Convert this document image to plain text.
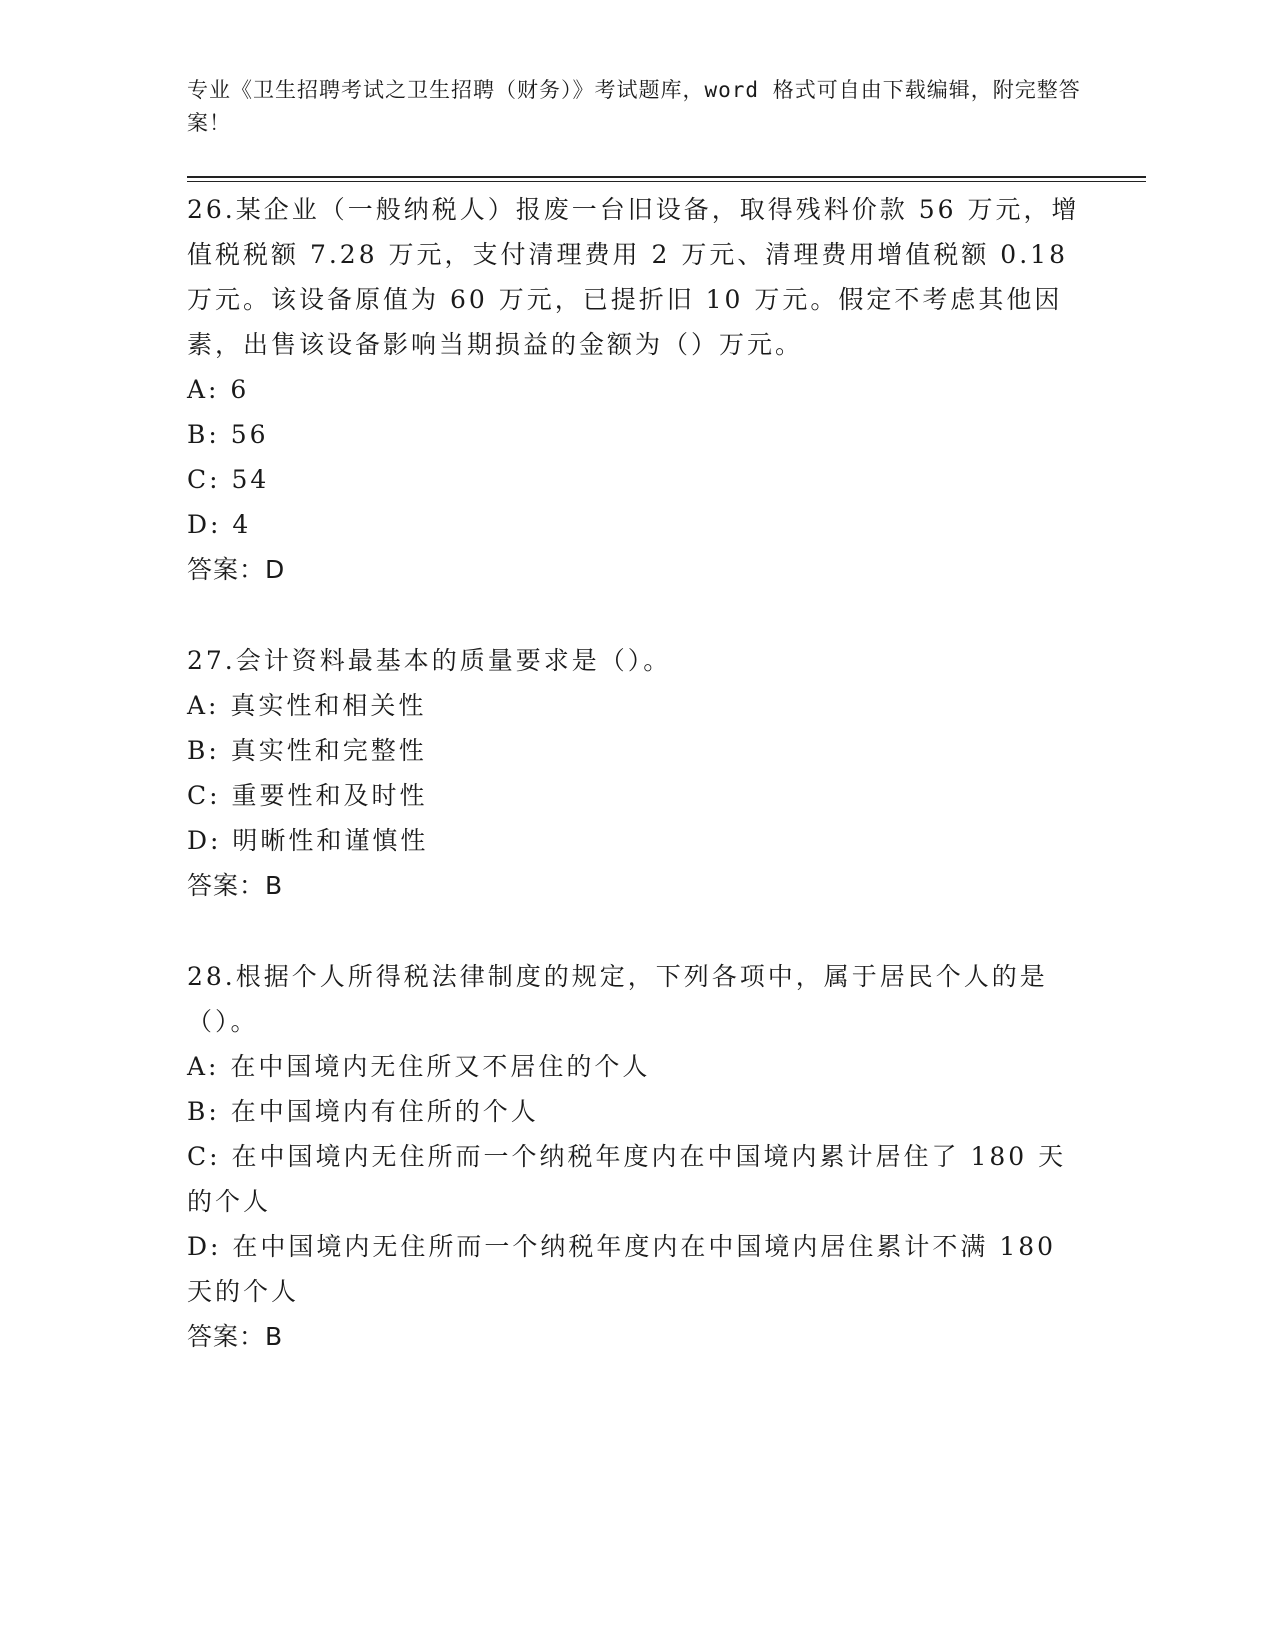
专业《卫生招聘考试之卫生招聘（财务）》考试题库，word 格式可自由下载编辑，附完整答案！

26.某企业（一般纳税人）报废一台旧设备，取得残料价款 56 万元，增值税税额 7.28 万元，支付清理费用 2 万元、清理费用增值税额 0.18 万元。该设备原值为 60 万元，已提折旧 10 万元。假定不考虑其他因素，出售该设备影响当期损益的金额为（）万元。

A: 6

B: 56

C: 54

D: 4

答案：D

27.会计资料最基本的质量要求是（）。

A: 真实性和相关性

B: 真实性和完整性

C: 重要性和及时性

D: 明晰性和谨慎性

答案：B

28.根据个人所得税法律制度的规定，下列各项中，属于居民个人的是（）。

A: 在中国境内无住所又不居住的个人

B: 在中国境内有住所的个人

C: 在中国境内无住所而一个纳税年度内在中国境内累计居住了 180 天的个人

D: 在中国境内无住所而一个纳税年度内在中国境内居住累计不满 180 天的个人

答案：B
